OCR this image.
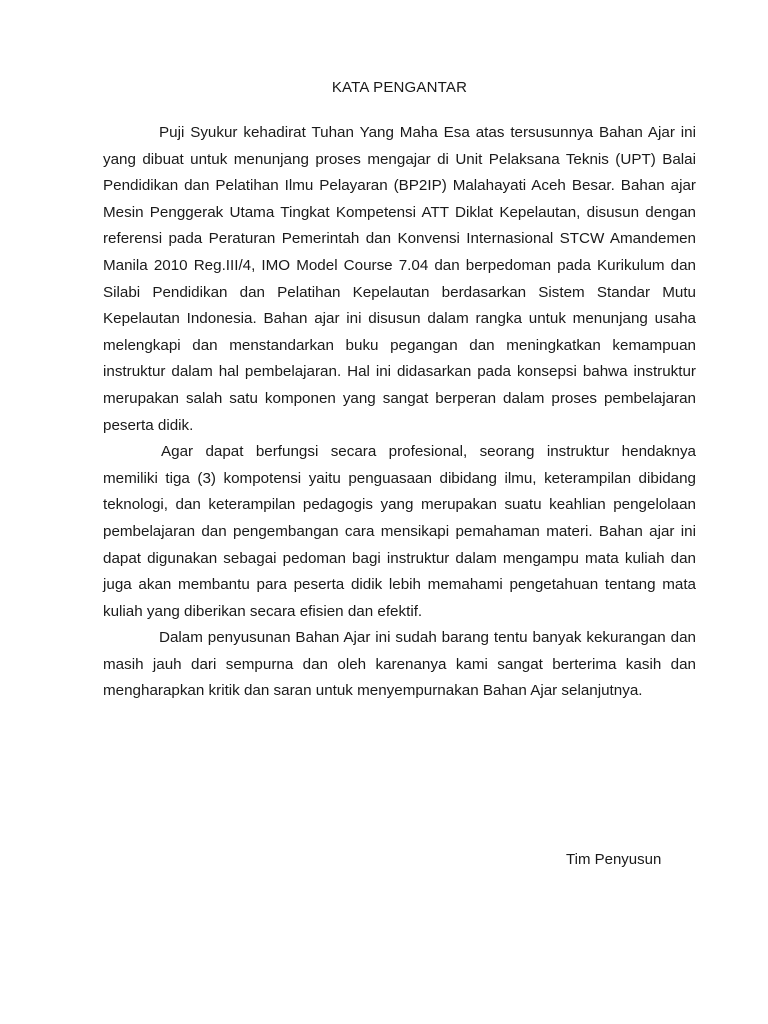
KATA PENGANTAR

Puji Syukur kehadirat Tuhan Yang Maha Esa atas tersusunnya Bahan Ajar ini yang dibuat untuk menunjang proses mengajar di Unit Pelaksana Teknis (UPT) Balai Pendidikan dan Pelatihan Ilmu Pelayaran (BP2IP) Malahayati Aceh Besar. Bahan ajar Mesin Penggerak Utama Tingkat Kompetensi ATT Diklat Kepelautan, disusun dengan referensi pada Peraturan Pemerintah dan Konvensi Internasional STCW Amandemen Manila 2010 Reg.III/4, IMO Model Course 7.04 dan berpedoman pada Kurikulum dan Silabi Pendidikan dan Pelatihan Kepelautan berdasarkan Sistem Standar Mutu Kepelautan Indonesia. Bahan ajar ini disusun dalam rangka untuk menunjang usaha melengkapi dan menstandarkan buku pegangan dan meningkatkan kemampuan instruktur dalam hal pembelajaran. Hal ini didasarkan pada konsepsi bahwa instruktur merupakan salah satu komponen yang sangat berperan dalam proses pembelajaran peserta didik.

Agar dapat berfungsi secara profesional, seorang instruktur hendaknya memiliki tiga (3) kompotensi yaitu penguasaan dibidang ilmu, keterampilan dibidang teknologi, dan keterampilan pedagogis yang merupakan suatu keahlian pengelolaan pembelajaran dan pengembangan cara mensikapi pemahaman materi. Bahan ajar ini dapat digunakan sebagai pedoman bagi instruktur dalam mengampu mata kuliah dan juga akan membantu para peserta didik lebih memahami pengetahuan tentang mata kuliah yang diberikan secara efisien dan efektif.

Dalam penyusunan Bahan Ajar ini sudah barang tentu banyak kekurangan dan masih jauh dari sempurna dan oleh karenanya kami sangat berterima kasih dan mengharapkan kritik dan saran untuk menyempurnakan Bahan Ajar selanjutnya.

Tim Penyusun
